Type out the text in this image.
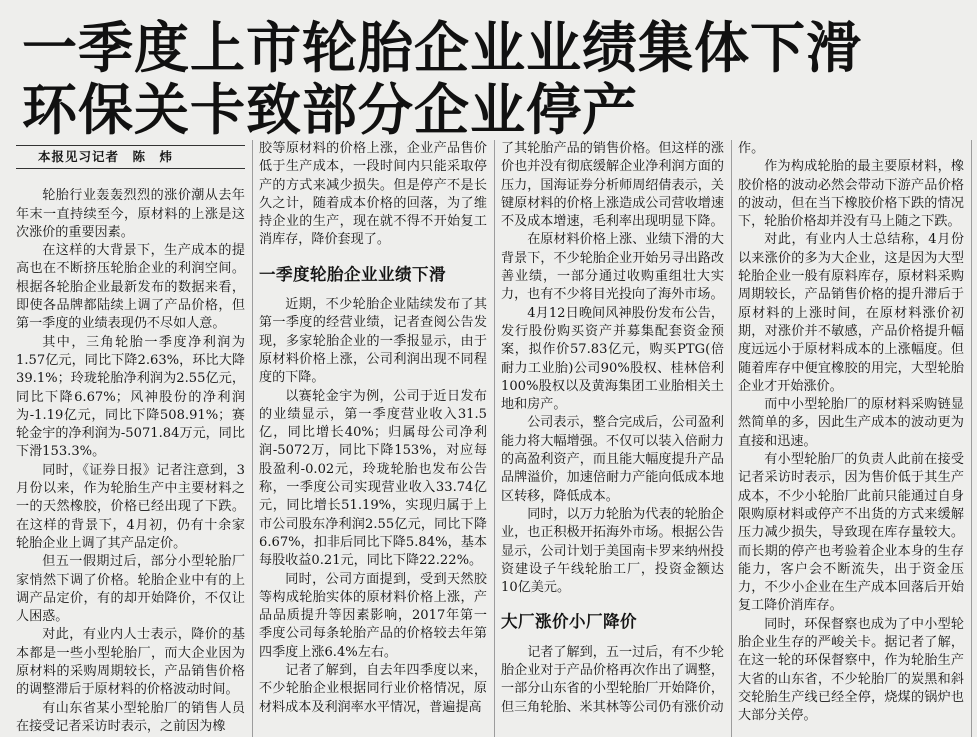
一季度上市轮胎企业业绩集体下滑
环保关卡致部分企业停产
本报见习记者　陈　炜

轮胎行业轰轰烈烈的涨价潮从去年年末一直持续至今，原材料的上涨是这次涨价的重要因素。

在这样的大背景下，生产成本的提高也在不断挤压轮胎企业的利润空间。根据各轮胎企业最新发布的数据来看，即使各品牌都陆续上调了产品价格，但第一季度的业绩表现仍不尽如人意。

其中，三角轮胎一季度净利润为1.57亿元，同比下降2.63%，环比大降39.1%；玲珑轮胎净利润为2.55亿元，同比下降6.67%；风神股份的净利润为-1.19亿元，同比下降508.91%；赛轮金宇的净利润为-5071.84万元，同比下滑153.3%。

同时，《证券日报》记者注意到，3月份以来，作为轮胎生产中主要材料之一的天然橡胶，价格已经出现了下跌。在这样的背景下，4月初，仍有十余家轮胎企业上调了其产品定价。

但五一假期过后，部分小型轮胎厂家悄然下调了价格。轮胎企业中有的上调产品定价，有的却开始降价，不仅让人困惑。

对此，有业内人士表示，降价的基本都是一些小型轮胎厂，而大企业因为原材料的采购周期较长，产品销售价格的调整滞后于原材料的价格波动时间。

有山东省某小型轮胎厂的销售人员在接受记者采访时表示，之前因为橡

胶等原材料的价格上涨，企业产品售价低于生产成本，一段时间内只能采取停产的方式来减少损失。但是停产不是长久之计，随着成本价格的回落，为了维持企业的生产，现在就不得不开始复工消库存，降价套现了。

一季度轮胎企业业绩下滑

近期，不少轮胎企业陆续发布了其第一季度的经营业绩，记者查阅公告发现，多家轮胎企业的一季报显示，由于原材料价格上涨，公司利润出现不同程度的下降。

以赛轮金宇为例，公司于近日发布的业绩显示，第一季度营业收入31.5亿，同比增长40%；归属母公司净利润-5072万，同比下降153%，对应每股盈利-0.02元，玲珑轮胎也发布公告称，一季度公司实现营业收入33.74亿元，同比增长51.19%，实现归属于上市公司股东净利润2.55亿元，同比下降6.67%，扣非后同比下降5.84%，基本每股收益0.21元，同比下降22.22%。

同时，公司方面提到，受到天然胶等构成轮胎实体的原材料价格上涨，产品品质提升等因素影响，2017年第一季度公司每条轮胎产品的价格较去年第四季度上涨6.4%左右。

记者了解到，自去年四季度以来，不少轮胎企业根据同行业价格情况，原材料成本及利润率水平情况，普遍提高

了其轮胎产品的销售价格。但这样的涨价也并没有彻底缓解企业净利润方面的压力，国海证券分析师周绍倩表示，关键原材料的价格上涨造成公司营收增速不及成本增速，毛利率出现明显下降。

在原材料价格上涨、业绩下滑的大背景下，不少轮胎企业开始另寻出路改善业绩，一部分通过收购重组壮大实力，也有不少将目光投向了海外市场。

4月12日晚间风神股份发布公告，发行股份购买资产并募集配套资金预案，拟作价57.83亿元，购买PTG(倍耐力工业胎)公司90%股权、桂林倍利100%股权以及黄海集团工业胎相关土地和房产。

公司表示，整合完成后，公司盈利能力将大幅增强。不仅可以装入倍耐力的高盈利资产，而且能大幅度提升产品品牌溢价，加速倍耐力产能向低成本地区转移，降低成本。

同时，以万力轮胎为代表的轮胎企业，也正积极开拓海外市场。根据公告显示，公司计划于美国南卡罗来纳州投资建设子午线轮胎工厂，投资金额达10亿美元。

大厂涨价小厂降价

记者了解到，五一过后，有不少轮胎企业对于产品价格再次作出了调整，一部分山东省的小型轮胎厂开始降价，但三角轮胎、米其林等公司仍有涨价动

作。

作为构成轮胎的最主要原材料，橡胶价格的波动必然会带动下游产品价格的波动，但在当下橡胶价格下跌的情况下，轮胎价格却并没有马上随之下跌。

对此，有业内人士总结称，4月份以来涨价的多为大企业，这是因为大型轮胎企业一般有原料库存，原材料采购周期较长，产品销售价格的提升滞后于原材料的上涨时间，在原材料涨价初期，对涨价并不敏感，产品价格提升幅度远远小于原材料成本的上涨幅度。但随着库存中便宜橡胶的用完，大型轮胎企业才开始涨价。

而中小型轮胎厂的原材料采购链显然简单的多，因此生产成本的波动更为直接和迅速。

有小型轮胎厂的负责人此前在接受记者采访时表示，因为售价低于其生产成本，不少小轮胎厂此前只能通过自身限购原材料或停产不出货的方式来缓解压力减少损失，导致现在库存量较大。而长期的停产也考验着企业本身的生存能力，客户会不断流失，出于资金压力，不少小企业在生产成本回落后开始复工降价消库存。

同时，环保督察也成为了中小型轮胎企业生存的严峻关卡。据记者了解，在这一轮的环保督察中，作为轮胎生产大省的山东省，不少轮胎厂的炭黑和斜交轮胎生产线已经全停，烧煤的锅炉也大部分关停。
